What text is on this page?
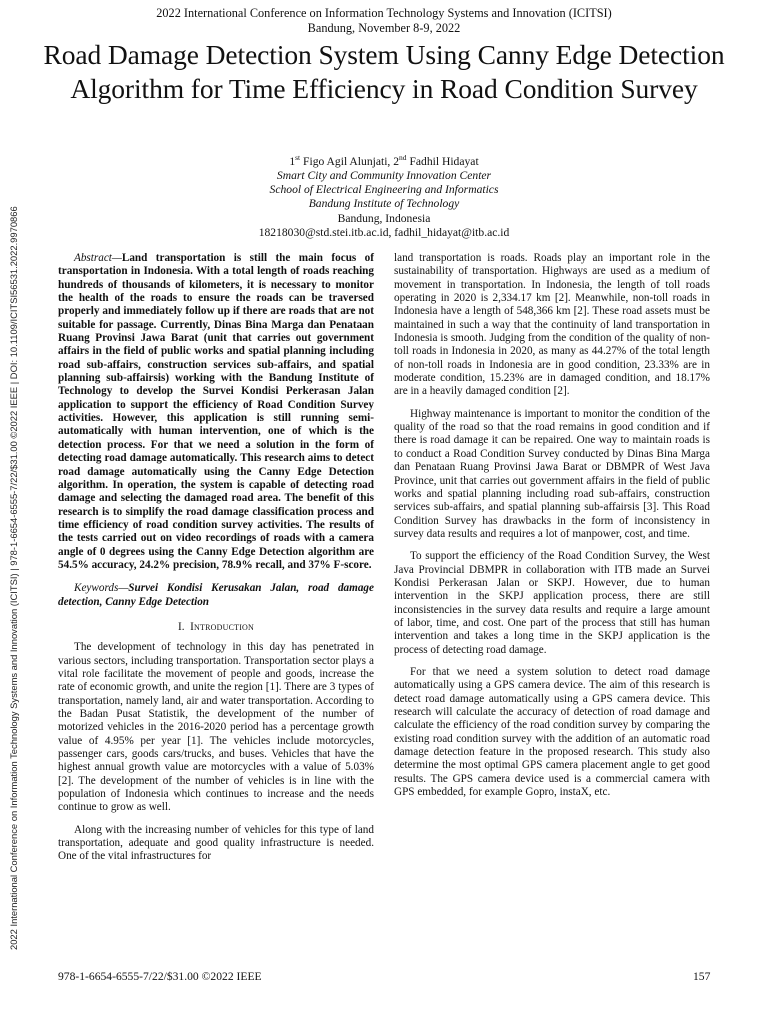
2022 International Conference on Information Technology Systems and Innovation (ICITSI)
Bandung, November 8-9, 2022
Road Damage Detection System Using Canny Edge Detection Algorithm for Time Efficiency in Road Condition Survey
1st Figo Agil Alunjati, 2nd Fadhil Hidayat
Smart City and Community Innovation Center
School of Electrical Engineering and Informatics
Bandung Institute of Technology
Bandung, Indonesia
18218030@std.stei.itb.ac.id, fadhil_hidayat@itb.ac.id
2022 International Conference on Information Technology Systems and Innovation (ICITSI) | 978-1-6654-6555-7/22/$31.00 ©2022 IEEE | DOI: 10.1109/ICITSI56531.2022.9970866	Abstract—Land transportation is still the main focus of transportation in Indonesia. With a total length of roads reaching hundreds of thousands of kilometers, it is necessary to monitor the health of the roads to ensure the roads can be traversed properly and immediately follow up if there are roads that are not suitable for passage. Currently, Dinas Bina Marga dan Penataan Ruang Provinsi Jawa Barat (unit that carries out government affairs in the field of public works and spatial planning including road sub-affairs, construction services sub-affairs, and spatial planning sub-affairsis) working with the Bandung Institute of Technology to develop the Survei Kondisi Perkerasan Jalan application to support the efficiency of Road Condition Survey activities. However, this application is still running semi-automatically with human intervention, one of which is the detection process. For that we need a solution in the form of detecting road damage automatically. This research aims to detect road damage automatically using the Canny Edge Detection algorithm. In operation, the system is capable of detecting road damage and selecting the damaged road area. The benefit of this research is to simplify the road damage classification process and time efficiency of road condition survey activities. The results of the tests carried out on video recordings of roads with a camera angle of 0 degrees using the Canny Edge Detection algorithm are 54.5% accuracy, 24.2% precision, 78.9% recall, and 37% F-score.

Keywords—Survei Kondisi Kerusakan Jalan, road damage detection, Canny Edge Detection

I. Introduction

The development of technology in this day has penetrated in various sectors, including transportation. Transportation sector plays a vital role facilitate the movement of people and goods, increase the rate of economic growth, and unite the region [1]. There are 3 types of transportation, namely land, air and water transportation. According to the Badan Pusat Statistik, the development of the number of motorized vehicles in the 2016-2020 period has a percentage growth value of 4.95% per year [1]. The vehicles include motorcycles, passenger cars, goods cars/trucks, and buses. Vehicles that have the highest annual growth value are motorcycles with a value of 5.03% [2]. The development of the number of vehicles is in line with the population of Indonesia which continues to increase and the needs continue to grow as well.

Along with the increasing number of vehicles for this type of land transportation, adequate and good quality infrastructure is needed. One of the vital infrastructures for

land transportation is roads. Roads play an important role in the sustainability of transportation. Highways are used as a medium of movement in transportation. In Indonesia, the length of toll roads operating in 2020 is 2,334.17 km [2]. Meanwhile, non-toll roads in Indonesia have a length of 548,366 km [2]. These road assets must be maintained in such a way that the continuity of land transportation in Indonesia is smooth. Judging from the condition of the quality of non-toll roads in Indonesia in 2020, as many as 44.27% of the total length of non-toll roads in Indonesia are in good condition, 23.33% are in moderate condition, 15.23% are in damaged condition, and 18.17% are in a heavily damaged condition [2].

Highway maintenance is important to monitor the condition of the quality of the road so that the road remains in good condition and if there is road damage it can be repaired. One way to maintain roads is to conduct a Road Condition Survey conducted by Dinas Bina Marga dan Penataan Ruang Provinsi Jawa Barat or DBMPR of West Java Province, unit that carries out government affairs in the field of public works and spatial planning including road sub-affairs, construction services sub-affairs, and spatial planning sub-affairsis [3]. This Road Condition Survey has drawbacks in the form of inconsistency in survey data results and requires a lot of manpower, cost, and time.

To support the efficiency of the Road Condition Survey, the West Java Provincial DBMPR in collaboration with ITB made an Survei Kondisi Perkerasan Jalan or SKPJ. However, due to human intervention in the SKPJ application process, there are still inconsistencies in the survey data results and require a large amount of labor, time, and cost. One part of the process that still has human intervention and takes a long time in the SKPJ application is the process of detecting road damage.

For that we need a system solution to detect road damage automatically using a GPS camera device. The aim of this research is detect road damage automatically using a GPS camera device. This research will calculate the accuracy of detection of road damage and calculate the efficiency of the road condition survey by comparing the existing road condition survey with the addition of an automatic road damage detection feature in the proposed research. This study also determine the most optimal GPS camera placement angle to get good results. The GPS camera device used is a commercial camera with GPS embedded, for example Gopro, instaX, etc.

978-1-6654-6555-7/22/$31.00 ©2022 IEEE	157
